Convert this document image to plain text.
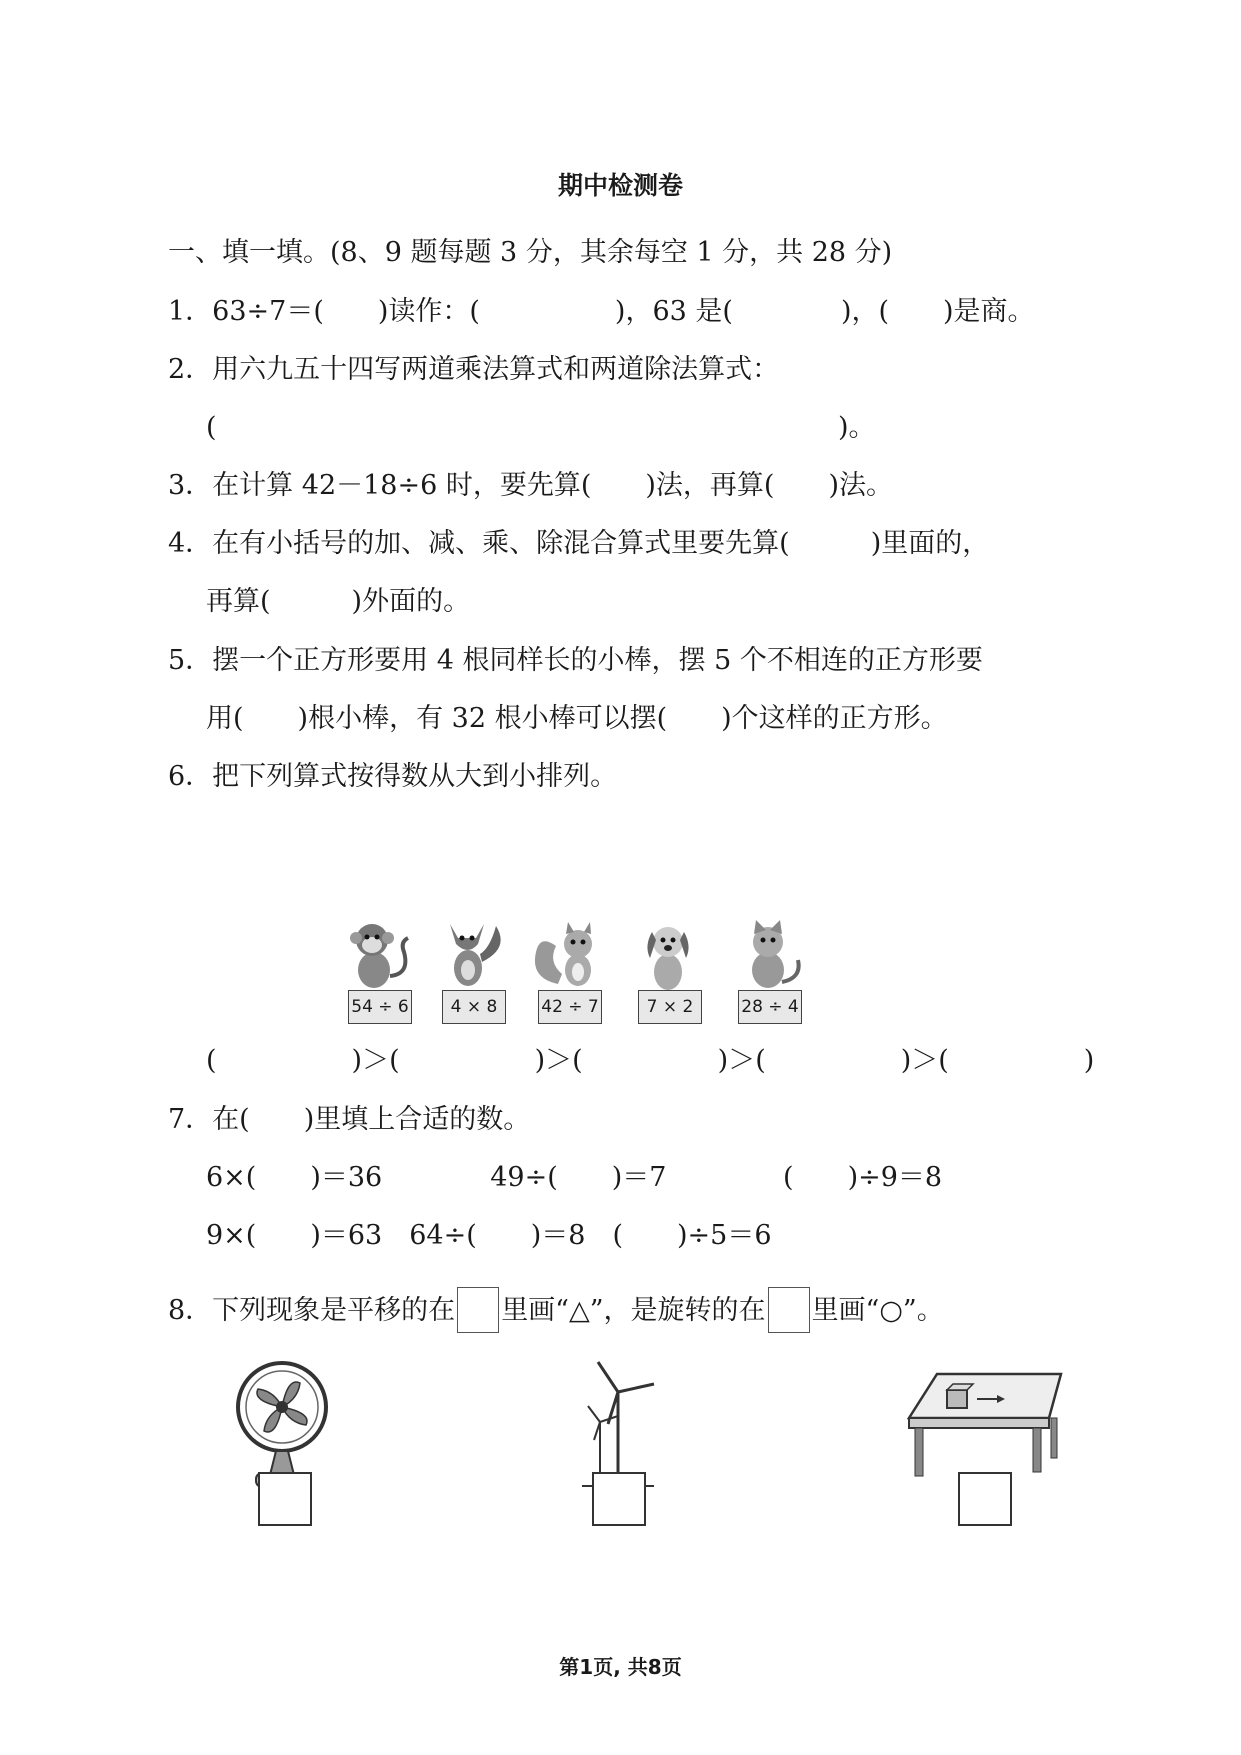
期中检测卷
一、填一填。(8、9 题每题 3 分，其余每空 1 分，共 28 分)
1．63÷7＝(　　)读作：(　　　　　)，63 是(　　　　)，(　　)是商。
2．用六九五十四写两道乘法算式和两道除法算式：
(	)。
3．在计算 42－18÷6 时，要先算(　　)法，再算(　　)法。
4．在有小括号的加、减、乘、除混合算式里要先算(　　　)里面的，
再算(　　　)外面的。
5．摆一个正方形要用 4 根同样长的小棒，摆 5 个不相连的正方形要
用(　　)根小棒，有 32 根小棒可以摆(　　)个这样的正方形。
6．把下列算式按得数从大到小排列。
54 ÷ 6	4 × 8	42 ÷ 7	7 × 2	28 ÷ 4
(　　　　　)＞(　　　　　)＞(　　　　　)＞(　　　　　)＞(　　　　　)
7．在(　　)里填上合适的数。
6×(　　)＝36　　　　49÷(　　)＝7　　　　 (　　)÷9＝8
9×(　　)＝63　64÷(　　)＝8　(　　)÷5＝6
8．下列现象是平移的在 里画“△”，是旋转的在 里画“○”。
第1页, 共8页
